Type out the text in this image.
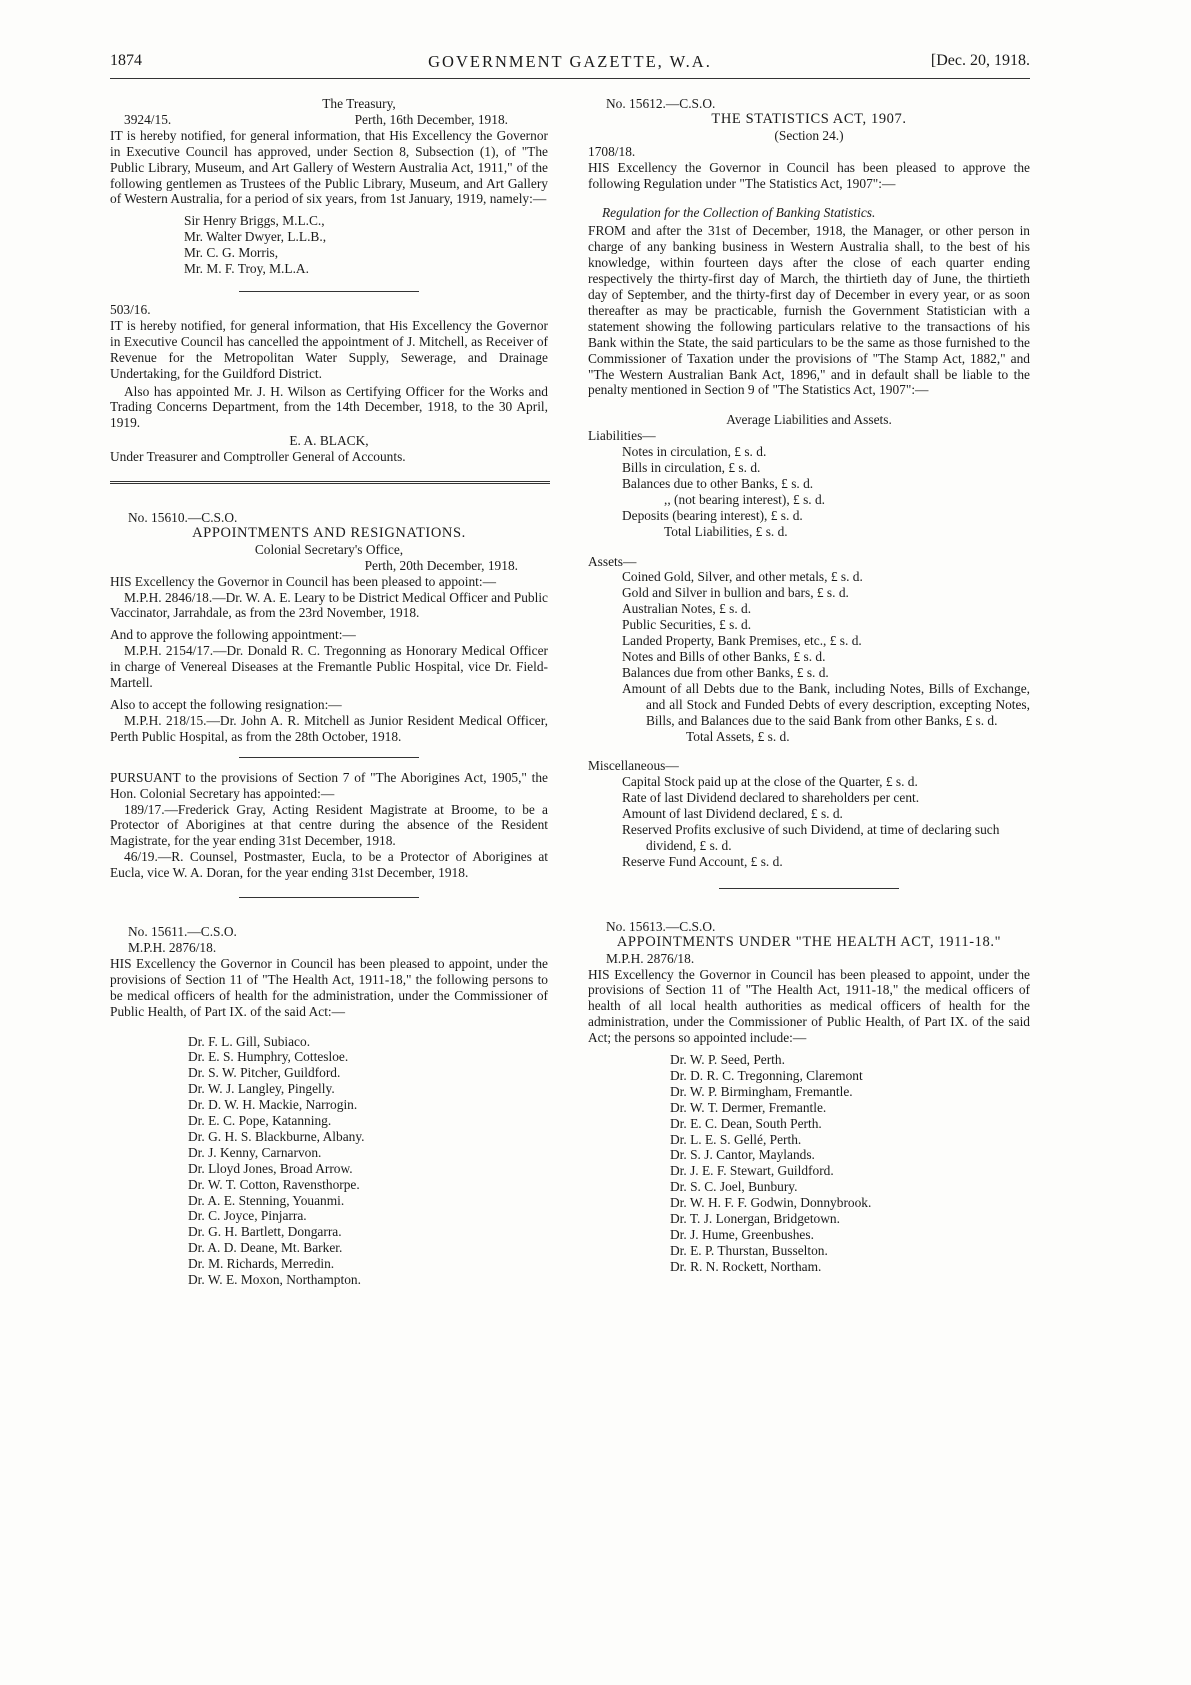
1874	GOVERNMENT GAZETTE, W.A.	[Dec. 20, 1918.
The Treasury,
3924/15.	Perth, 16th December, 1918.

IT is hereby notified, for general information, that His Excellency the Governor in Executive Council has approved, under Section 8, Subsection (1), of "The Public Library, Museum, and Art Gallery of Western Australia Act, 1911," of the following gentlemen as Trustees of the Public Library, Museum, and Art Gallery of Western Australia, for a period of six years, from 1st January, 1919, namely:—

Sir Henry Briggs, M.L.C.,
Mr. Walter Dwyer, L.L.B.,
Mr. C. G. Morris,
Mr. M. F. Troy, M.L.A.
503/16.

IT is hereby notified, for general information, that His Excellency the Governor in Executive Council has cancelled the appointment of J. Mitchell, as Receiver of Revenue for the Metropolitan Water Supply, Sewerage, and Drainage Undertaking, for the Guildford District.

Also has appointed Mr. J. H. Wilson as Certifying Officer for the Works and Trading Concerns Department, from the 14th December, 1918, to the 30 April, 1919.

E. A. BLACK,
Under Treasurer and Comptroller General of Accounts.
No. 15610.—C.S.O.
APPOINTMENTS AND RESIGNATIONS.
Colonial Secretary's Office,
Perth, 20th December, 1918.

HIS Excellency the Governor in Council has been pleased to appoint:—

M.P.H. 2846/18.—Dr. W. A. E. Leary to be District Medical Officer and Public Vaccinator, Jarrahdale, as from the 23rd November, 1918.

And to approve the following appointment:—

M.P.H. 2154/17.—Dr. Donald R. C. Tregonning as Honorary Medical Officer in charge of Venereal Diseases at the Fremantle Public Hospital, vice Dr. Field-Martell.

Also to accept the following resignation:—

M.P.H. 218/15.—Dr. John A. R. Mitchell as Junior Resident Medical Officer, Perth Public Hospital, as from the 28th October, 1918.

PURSUANT to the provisions of Section 7 of "The Aborigines Act, 1905," the Hon. Colonial Secretary has appointed:—

189/17.—Frederick Gray, Acting Resident Magistrate at Broome, to be a Protector of Aborigines at that centre during the absence of the Resident Magistrate, for the year ending 31st December, 1918.

46/19.—R. Counsel, Postmaster, Eucla, to be a Protector of Aborigines at Eucla, vice W. A. Doran, for the year ending 31st December, 1918.

No. 15611.—C.S.O.
M.P.H. 2876/18.

HIS Excellency the Governor in Council has been pleased to appoint, under the provisions of Section 11 of "The Health Act, 1911-18," the following persons to be medical officers of health for the administration, under the Commissioner of Public Health, of Part IX. of the said Act:—

Dr. F. L. Gill, Subiaco.
Dr. E. S. Humphry, Cottesloe.
Dr. S. W. Pitcher, Guildford.
Dr. W. J. Langley, Pingelly.
Dr. D. W. H. Mackie, Narrogin.
Dr. E. C. Pope, Katanning.
Dr. G. H. S. Blackburne, Albany.
Dr. J. Kenny, Carnarvon.
Dr. Lloyd Jones, Broad Arrow.
Dr. W. T. Cotton, Ravensthorpe.
Dr. A. E. Stenning, Youanmi.
Dr. C. Joyce, Pinjarra.
Dr. G. H. Bartlett, Dongarra.
Dr. A. D. Deane, Mt. Barker.
Dr. M. Richards, Merredin.
Dr. W. E. Moxon, Northampton.
No. 15612.—C.S.O.
THE STATISTICS ACT, 1907.
(Section 24.)
1708/18.

HIS Excellency the Governor in Council has been pleased to approve the following Regulation under "The Statistics Act, 1907":—

Regulation for the Collection of Banking Statistics.

FROM and after the 31st of December, 1918, the Manager, or other person in charge of any banking business in Western Australia shall, to the best of his knowledge, within fourteen days after the close of each quarter ending respectively the thirty-first day of March, the thirtieth day of June, the thirtieth day of September, and the thirty-first day of December in every year, or as soon thereafter as may be practicable, furnish the Government Statistician with a statement showing the following particulars relative to the transactions of his Bank within the State, the said particulars to be the same as those furnished to the Commissioner of Taxation under the provisions of "The Stamp Act, 1882," and "The Western Australian Bank Act, 1896," and in default shall be liable to the penalty mentioned in Section 9 of "The Statistics Act, 1907":—

Average Liabilities and Assets.
Liabilities—
Notes in circulation, £ s. d.
Bills in circulation, £ s. d.
Balances due to other Banks, £ s. d.
,, (not bearing interest), £ s. d.
Deposits (bearing interest), £ s. d.
Total Liabilities, £ s. d.
Assets—
Coined Gold, Silver, and other metals, £ s. d.
Gold and Silver in bullion and bars, £ s. d.
Australian Notes, £ s. d.
Public Securities, £ s. d.
Landed Property, Bank Premises, etc., £ s. d.
Notes and Bills of other Banks, £ s. d.
Balances due from other Banks, £ s. d.
Amount of all Debts due to the Bank, including Notes, Bills of Exchange, and all Stock and Funded Debts of every description, excepting Notes, Bills, and Balances due to the said Bank from other Banks, £ s. d.
Total Assets, £ s. d.
Miscellaneous—
Capital Stock paid up at the close of the Quarter, £ s. d.
Rate of last Dividend declared to shareholders per cent.
Amount of last Dividend declared, £ s. d.
Reserved Profits exclusive of such Dividend, at time of declaring such dividend, £ s. d.
Reserve Fund Account, £ s. d.
No. 15613.—C.S.O.
APPOINTMENTS UNDER "THE HEALTH ACT, 1911-18."
M.P.H. 2876/18.

HIS Excellency the Governor in Council has been pleased to appoint, under the provisions of Section 11 of "The Health Act, 1911-18," the medical officers of health of all local health authorities as medical officers of health for the administration, under the Commissioner of Public Health, of Part IX. of the said Act; the persons so appointed include:—

Dr. W. P. Seed, Perth.
Dr. D. R. C. Tregonning, Claremont
Dr. W. P. Birmingham, Fremantle.
Dr. W. T. Dermer, Fremantle.
Dr. E. C. Dean, South Perth.
Dr. L. E. S. Gellé, Perth.
Dr. S. J. Cantor, Maylands.
Dr. J. E. F. Stewart, Guildford.
Dr. S. C. Joel, Bunbury.
Dr. W. H. F. F. Godwin, Donnybrook.
Dr. T. J. Lonergan, Bridgetown.
Dr. J. Hume, Greenbushes.
Dr. E. P. Thurstan, Busselton.
Dr. R. N. Rockett, Northam.
